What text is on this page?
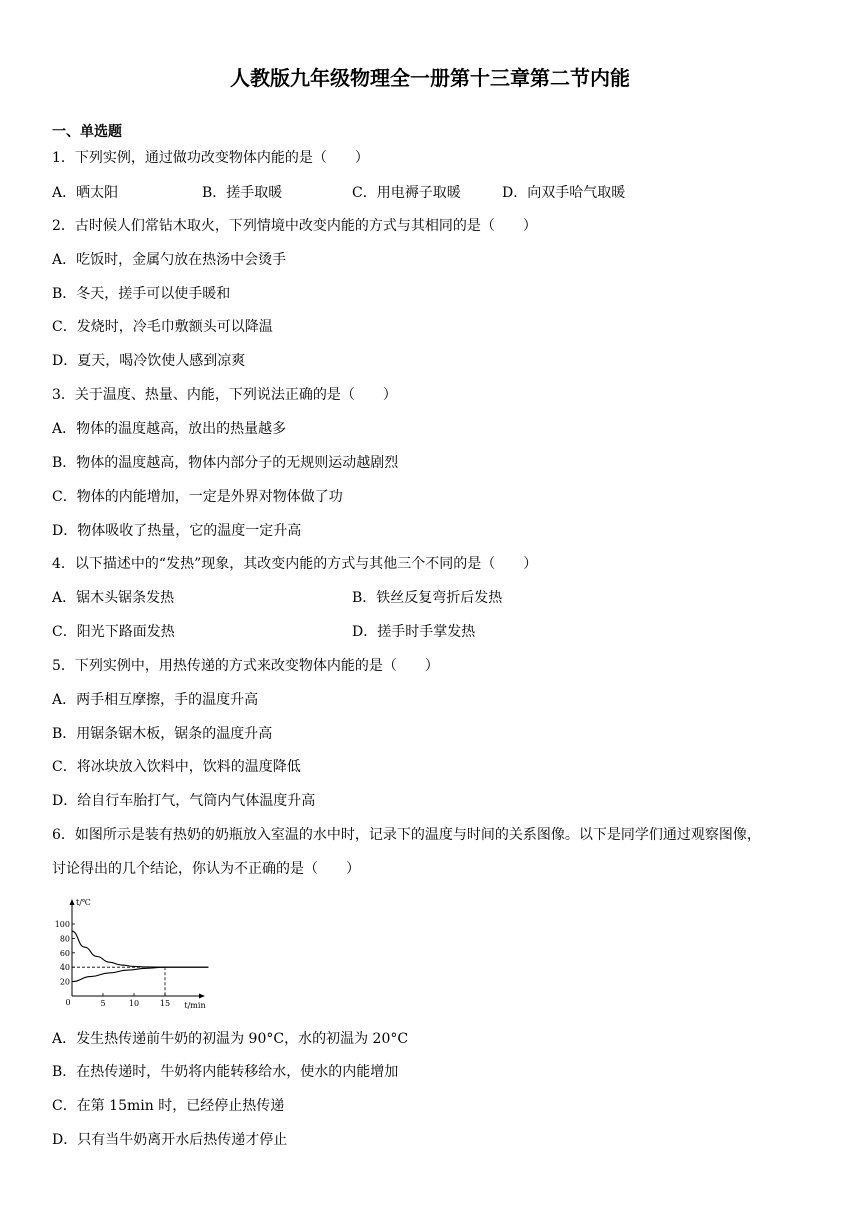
人教版九年级物理全一册第十三章第二节内能
一、单选题
1．下列实例，通过做功改变物体内能的是（　　）
A．晒太阳	B．搓手取暖	C．用电褥子取暖	D．向双手哈气取暖
2．古时候人们常钻木取火，下列情境中改变内能的方式与其相同的是（　　）
A．吃饭时，金属勺放在热汤中会烫手
B．冬天，搓手可以使手暖和
C．发烧时，冷毛巾敷额头可以降温
D．夏天，喝冷饮使人感到凉爽
3．关于温度、热量、内能，下列说法正确的是（　　）
A．物体的温度越高，放出的热量越多
B．物体的温度越高，物体内部分子的无规则运动越剧烈
C．物体的内能增加，一定是外界对物体做了功
D．物体吸收了热量，它的温度一定升高
4．以下描述中的“发热”现象，其改变内能的方式与其他三个不同的是（　　）
A．锯木头锯条发热	B．铁丝反复弯折后发热
C．阳光下路面发热	D．搓手时手掌发热
5．下列实例中，用热传递的方式来改变物体内能的是（　　）
A．两手相互摩擦，手的温度升高
B．用锯条锯木板，锯条的温度升高
C．将冰块放入饮料中，饮料的温度降低
D．给自行车胎打气，气筒内气体温度升高
6．如图所示是装有热奶的奶瓶放入室温的水中时，记录下的温度与时间的关系图像。以下是同学们通过观察图像，
讨论得出的几个结论，你认为不正确的是（　　）
t/℃
t/min
0	5	10	15
20
40
60
80
100
A．发生热传递前牛奶的初温为 90°C，水的初温为 20°C
B．在热传递时，牛奶将内能转移给水，使水的内能增加
C．在第 15min 时，已经停止热传递
D．只有当牛奶离开水后热传递才停止
